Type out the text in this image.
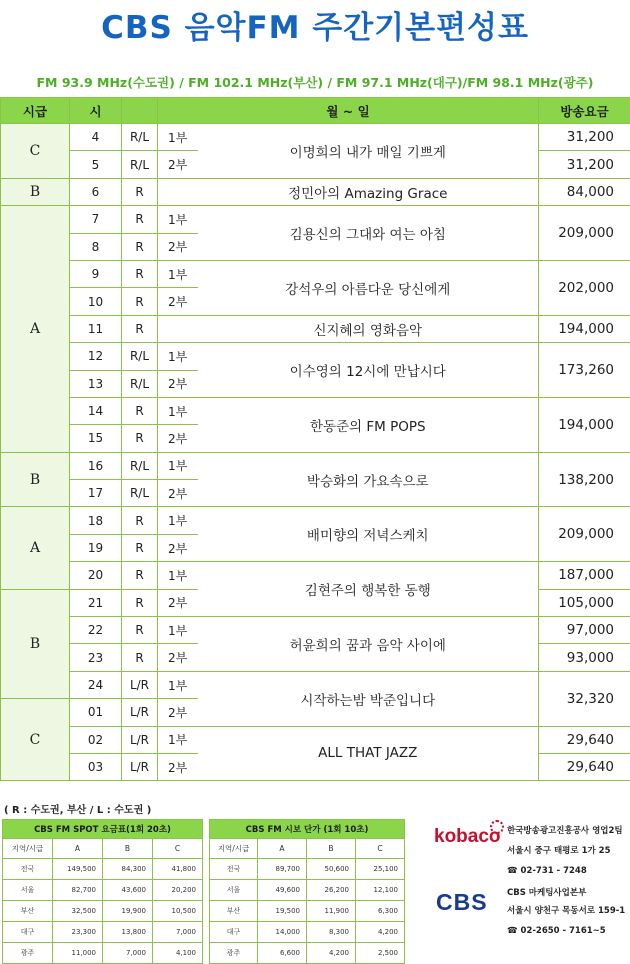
CBS 음악FM 주간기본편성표
FM 93.9 MHz(수도권) / FM 102.1 MHz(부산) / FM 97.1 MHz(대구)/FM 98.1 MHz(광주)
시급	시		월 ~ 일		방송요금
C	4	R/L	1부	이명희의 내가 매일 기쁘게	31,200
	5	R/L	2부		31,200
B	6	R		정민아의 Amazing Grace	84,000
A	7	R	1부	김용신의 그대와 여는 아침	209,000
	8	R	2부		
	9	R	1부	강석우의 아름다운 당신에게	202,000
	10	R	2부		
	11	R		신지혜의 영화음악	194,000
	12	R/L	1부	이수영의 12시에 만납시다	173,260
	13	R/L	2부		
	14	R	1부	한동준의 FM POPS	194,000
	15	R	2부		
B	16	R/L	1부	박승화의 가요속으로	138,200
	17	R/L	2부		
A	18	R	1부	배미향의 저녁스케치	209,000
	19	R	2부		
	20	R	1부	김현주의 행복한 동행	187,000
B	21	R	2부		105,000
	22	R	1부	허윤희의 꿈과 음악 사이에	97,000
	23	R	2부		93,000
	24	L/R	1부	시작하는밤 박준입니다	32,320
C	01	L/R	2부		
	02	L/R	1부	ALL THAT JAZZ	29,640
	03	L/R	2부		29,640
( R : 수도권, 부산 / L : 수도권 )
CBS FM SPOT 요금표(1회 20초)			
지역/시급	A	B	C
전국	149,500	84,300	41,800
서울	82,700	43,600	20,200
부산	32,500	19,900	10,500
대구	23,300	13,800	7,000
광주	11,000	7,000	4,100
CBS FM 시보 단가 (1회 10초)			
지역/시급	A	B	C
전국	89,700	50,600	25,100
서울	49,600	26,200	12,100
부산	19,500	11,900	6,300
대구	14,000	8,300	4,200
광주	6,600	4,200	2,500
kobaco 한국방송광고진흥공사 영업2팀
서울시 중구 태평로 1가 25
☎ 02-731 - 7248
CBS CBS 마케팅사업본부
서울시 양천구 목동서로 159-1
☎ 02-2650 - 7161~5
